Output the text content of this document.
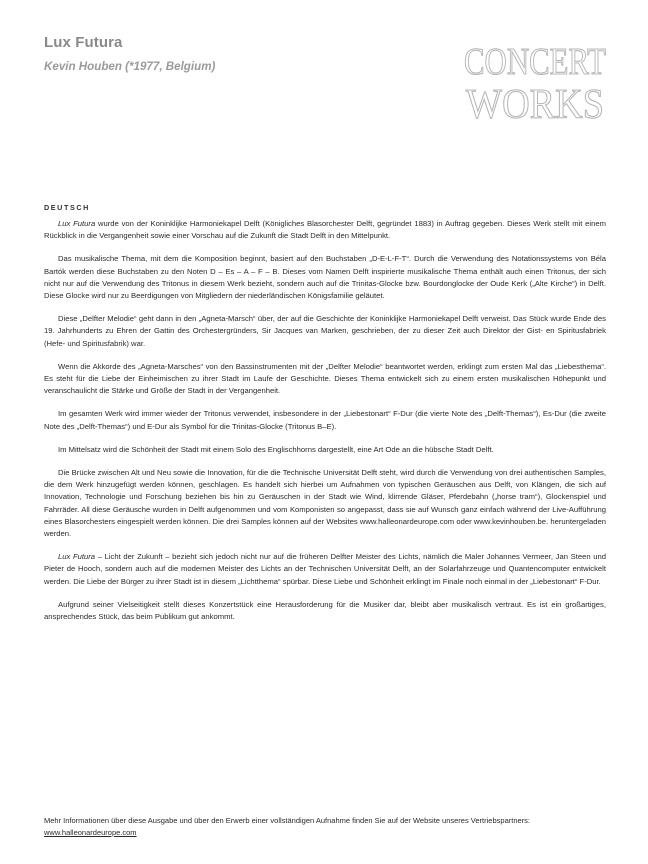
Lux Futura
Kevin Houben (*1977, Belgium)	CONCERT
WORKS
DEUTSCH

Lux Futura wurde von der Koninklijke Harmoniekapel Delft (Königliches Blasorchester Delft, gegründet 1883) in Auftrag gegeben. Dieses Werk stellt mit einem Rückblick in die Vergangenheit sowie einer Vorschau auf die Zukunft die Stadt Delft in den Mittelpunkt.

Das musikalische Thema, mit dem die Komposition beginnt, basiert auf den Buchstaben „D-E-L-F-T“. Durch die Verwendung des Notationssystems von Béla Bartók werden diese Buchstaben zu den Noten D – Es – A – F – B. Dieses vom Namen Delft inspirierte musikalische Thema enthält auch einen Tritonus, der sich nicht nur auf die Verwendung des Tritonus in diesem Werk bezieht, sondern auch auf die Trinitas-Glocke bzw. Bourdonglocke der Oude Kerk („Alte Kirche“) in Delft. Diese Glocke wird nur zu Beerdigungen von Mitgliedern der niederländischen Königsfamilie geläutet.

Diese „Delfter Melodie“ geht dann in den „Agneta-Marsch“ über, der auf die Geschichte der Koninklijke Harmoniekapel Delft verweist. Das Stück wurde Ende des 19. Jahrhunderts zu Ehren der Gattin des Orchestergründers, Sir Jacques van Marken, geschrieben, der zu dieser Zeit auch Direktor der Gist- en Spiritusfabriek (Hefe- und Spiritusfabrik) war.

Wenn die Akkorde des „Agneta-Marsches“ von den Bassinstrumenten mit der „Delfter Melodie“ beantwortet werden, erklingt zum ersten Mal das „Liebesthema“. Es steht für die Liebe der Einheimischen zu ihrer Stadt im Laufe der Geschichte. Dieses Thema entwickelt sich zu einem ersten musikalischen Höhepunkt und veranschaulicht die Stärke und Größe der Stadt in der Vergangenheit.

Im gesamten Werk wird immer wieder der Tritonus verwendet, insbesondere in der „Liebestonart“ F-Dur (die vierte Note des „Delft-Themas“), Es-Dur (die zweite Note des „Delft-Themas“) und E-Dur als Symbol für die Trinitas-Glocke (Tritonus B–E).

Im Mittelsatz wird die Schönheit der Stadt mit einem Solo des Englischhorns dargestellt, eine Art Ode an die hübsche Stadt Delft.

Die Brücke zwischen Alt und Neu sowie die Innovation, für die die Technische Universität Delft steht, wird durch die Verwendung von drei authentischen Samples, die dem Werk hinzugefügt werden können, geschlagen. Es handelt sich hierbei um Aufnahmen von typischen Geräuschen aus Delft, von Klängen, die sich auf Innovation, Technologie und Forschung beziehen bis hin zu Geräuschen in der Stadt wie Wind, klirrende Gläser, Pferdebahn („horse tram“), Glockenspiel und Fahrräder. All diese Geräusche wurden in Delft aufgenommen und vom Komponisten so angepasst, dass sie auf Wunsch ganz einfach während der Live-Aufführung eines Blasorchesters eingespielt werden können. Die drei Samples können auf der Websites www.halleonardeurope.com oder www.kevinhouben.be. heruntergeladen werden.

Lux Futura – Licht der Zukunft – bezieht sich jedoch nicht nur auf die früheren Delfter Meister des Lichts, nämlich die Maler Johannes Vermeer, Jan Steen und Pieter de Hooch, sondern auch auf die modernen Meister des Lichts an der Technischen Universität Delft, an der Solarfahrzeuge und Quantencomputer entwickelt werden. Die Liebe der Bürger zu ihrer Stadt ist in diesem „Lichtthema“ spürbar. Diese Liebe und Schönheit erklingt im Finale noch einmal in der „Liebestonart“ F-Dur.

Aufgrund seiner Vielseitigkeit stellt dieses Konzertstück eine Herausforderung für die Musiker dar, bleibt aber musikalisch vertraut. Es ist ein großartiges, ansprechendes Stück, das beim Publikum gut ankommt.

Mehr Informationen über diese Ausgabe und über den Erwerb einer vollständigen Aufnahme finden Sie auf der Website unseres Vertriebspartners:
www.halleonardeurope.com
